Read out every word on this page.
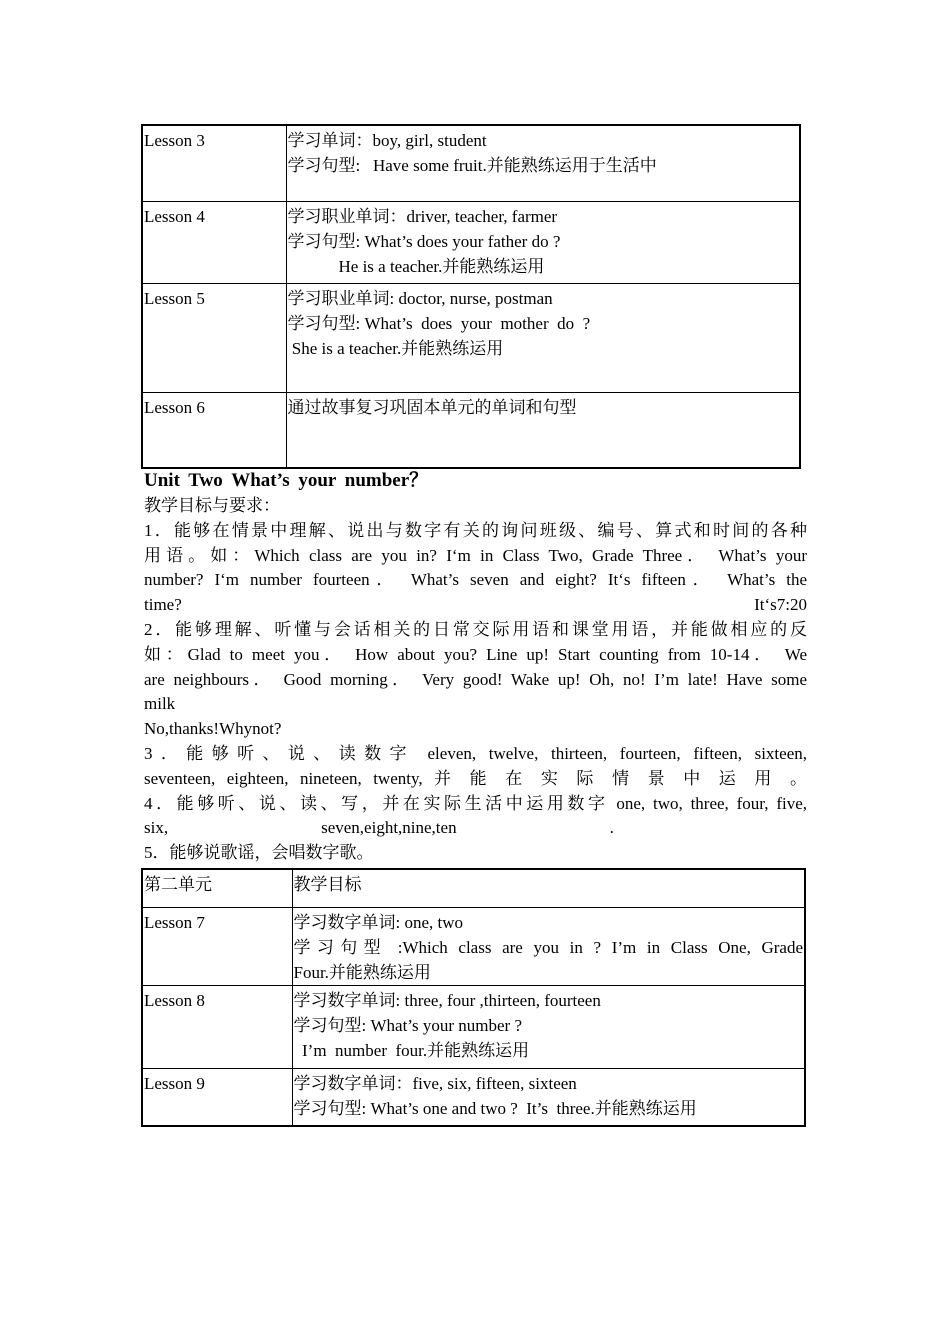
Lesson 3	学习单词：boy, girl, student
学习句型:   Have some fruit.并能熟练运用于生活中

Lesson 4	学习职业单词：driver, teacher, farmer
学习句型: What’s does your father do ?
He is a teacher.并能熟练运用

Lesson 5	学习职业单词: doctor, nurse, postman
学习句型: What’s  does  your  mother  do  ?
She is a teacher.并能熟练运用

Lesson 6	通过故事复习巩固本单元的单词和句型
Unit Two What’s your number？
教学目标与要求：
1．能够在情景中理解、说出与数字有关的询问班级、编号、算式和时间的各种
用语。如：Which class are you in? I‘m in Class Two, Grade Three． What’s your
number? I‘m number fourteen． What’s seven and eight? It‘s fifteen． What’s the
time?	It‘s7:20
2．能够理解、听懂与会话相关的日常交际用语和课堂用语，并能做相应的反
如：Glad to meet you． How about you? Line up! Start counting from 10-14． We
are neighbours． Good morning． Very good! Wake up! Oh, no! I’m late! Have some
milk
No,thanks!Whynot?
3．能够听、说、读数字 eleven, twelve, thirteen, fourteen, fifteen, sixteen,
seventeen, eighteen, nineteen, twenty, 并 能 在 实 际 情 景 中 运 用 。
4．能够听、说、读、写，并在实际生活中运用数字 one, two, three, four, five,
six,                                    seven,eight,nine,ten                                    .
5．能够说歌谣，会唱数字歌。
第二单元	教学目标
Lesson 7	学习数字单词: one, two
学习句型 :Which class are you in ? I’m in Class One, Grade
Four.并能熟练运用

Lesson 8	学习数字单词: three, four ,thirteen, fourteen
学习句型: What’s your number ?
I’m  number  four.并能熟练运用

Lesson 9	学习数字单词：five, six, fifteen, sixteen
学习句型: What’s one and two ?  It’s  three.并能熟练运用
